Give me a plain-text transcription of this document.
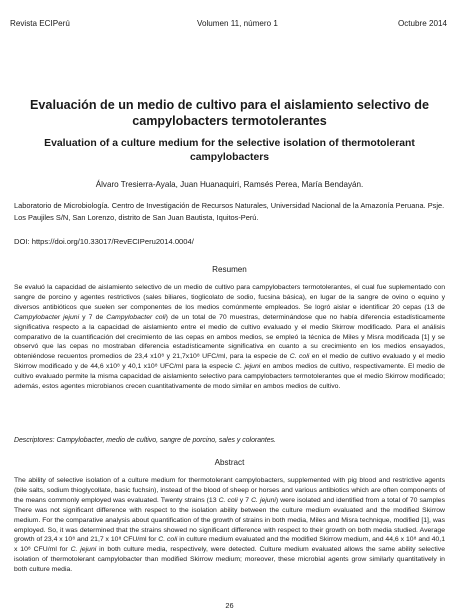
Revista ECIPerú	Volumen 11, número 1	Octubre 2014
Evaluación de un medio de cultivo para el aislamiento selectivo de campylobacters termotolerantes
Evaluation of a culture medium for the selective isolation of thermotolerant campylobacters
Álvaro Tresierra-Ayala, Juan Huanaquiri, Ramsés Perea, María Bendayán.
Laboratorio de Microbiología. Centro de Investigación de Recursos Naturales, Universidad Nacional de la Amazonía Peruana. Psje. Los Paujiles S/N, San Lorenzo, distrito de San Juan Bautista, Iquitos-Perú.
DOI: https://doi.org/10.33017/RevECIPeru2014.0004/
Resumen
Se evaluó la capacidad de aislamiento selectivo de un medio de cultivo para campylobacters termotolerantes, el cual fue suplementado con sangre de porcino y agentes restrictivos (sales biliares, tioglicolato de sodio, fucsina básica), en lugar de la sangre de ovino o equino y diversos antibióticos que suelen ser componentes de los medios comúnmente empleados. Se logró aislar e identificar 20 cepas (13 de Campylobacter jejuni y 7 de Campylobacter coli) de un total de 70 muestras, determinándose que no había diferencia estadísticamente significativa respecto a la capacidad de aislamiento entre el medio de cultivo evaluado y el medio Skirrow modificado. Para el análisis comparativo de la cuantificación del crecimiento de las cepas en ambos medios, se empleó la técnica de Miles y Misra modificada [1] y se observó que las cepas no mostraban diferencia estadísticamente significativa en cuanto a su crecimiento en los medios ensayados, obteniéndose recuentos promedios de 23,4 x10⁸ y 21,7x10⁸ UFC/ml, para la especie de C. coli en el medio de cultivo evaluado y el medio Skirrow modificado y de 44,6 x10⁸ y 40,1 x10⁸ UFC/ml para la especie C. jejuni en ambos medios de cultivo, respectivamente. El medio de cultivo evaluado permite la misma capacidad de aislamiento selectivo para campylobacters termotolerantes que el medio Skirrow modificado; además, estos agentes microbianos crecen cuantitativamente de modo similar en ambos medios de cultivo.
Descriptores: Campylobacter, medio de cultivo, sangre de porcino, sales y colorantes.
Abstract
The ability of selective isolation of a culture medium for thermotolerant campylobacters, supplemented with pig blood and restrictive agents (bile salts, sodium thioglycollate, basic fuchsin), instead of the blood of sheep or horses and various antibiotics which are often components of the means commonly employed was evaluated. Twenty strains (13 C. coli y 7 C. jejuni) were isolated and identified from a total of 70 samples There was not significant difference with respect to the isolation ability between the culture medium evaluated and the modified Skirrow medium. For the comparative analysis about quantification of the growth of strains in both media, Miles and Misra technique, modified [1], was employed. So, it was determined that the strains showed no significant difference with respect to their growth on both media studied. Average growth of 23,4 x 10⁸ and 21,7 x 10⁸ CFU/ml for C. coli in culture medium evaluated and the modified Skirrow medium, and 44,6 x 10⁸ and 40,1 x 10⁸ CFU/ml for C. jejuni in both culture media, respectively, were detected. Culture medium evaluated allows the same ability selective isolation of thermotolerant campylobacter than modified Skirrow medium; moreover, these microbial agents grow similarly quantitatively in both culture media.
26
